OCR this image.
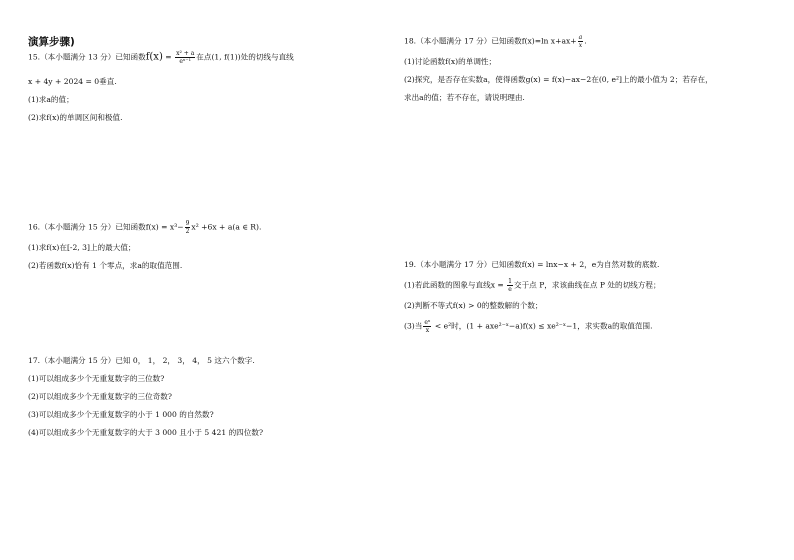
演算步骤)
15.（本小题满分 13 分）已知函数$f(x) = \frac{\text{x² + a}}{\text{eˣ⁻¹}}$ 在点(1, f(1))处的切线与直线
x + 4y + 2024 = 0垂直.
(1)求a的值；
(2)求f(x)的单调区间和极值.
16.（本小题满分 15 分）已知函数$f(x) = x^3- \frac{9}{2} x^2 +6x + a(a$ ∈ R).
(1)求f(x)在[-2, 3]上的最大值；
(2)若函数f(x)恰有 1 个零点，求a的取值范围.
17.（本小题满分 15 分）已知 0， 1， 2， 3， 4， 5 这六个数字.
(1)可以组成多少个无重复数字的三位数?
(2)可以组成多少个无重复数字的三位奇数?
(3)可以组成多少个无重复数字的小于 1 000 的自然数?
(4)可以组成多少个无重复数字的大于 3 000 且小于 5 421 的四位数?
18.（本小题满分 17 分）已知函数f(x)=ln $x+ax+ \frac{a}{x}$ .
(1)讨论函数f(x)的单调性；
(2)探究，是否存在实数a，使得函数g(x) = f(x)−ax−2在(0, e²]上的最小值为 2；若存在，
求出a的值；若不存在，请说明理由.
19.（本小题满分 17 分）已知函数f(x) = lnx−x + 2，e为自然对数的底数.
(1)若此函数的图象与直线$x = \frac{1}{e}$ 交于点 P，求该曲线在点 P 处的切线方程；
(2)判断不等式f(x) > 0的整数解的个数；
(3)当 $\frac{\text{eˣ}}{x} < e^2$时，(1 + axe²⁻ˣ−a)f(x) ≤ xe²⁻ˣ−1，求实数a的取值范围.
